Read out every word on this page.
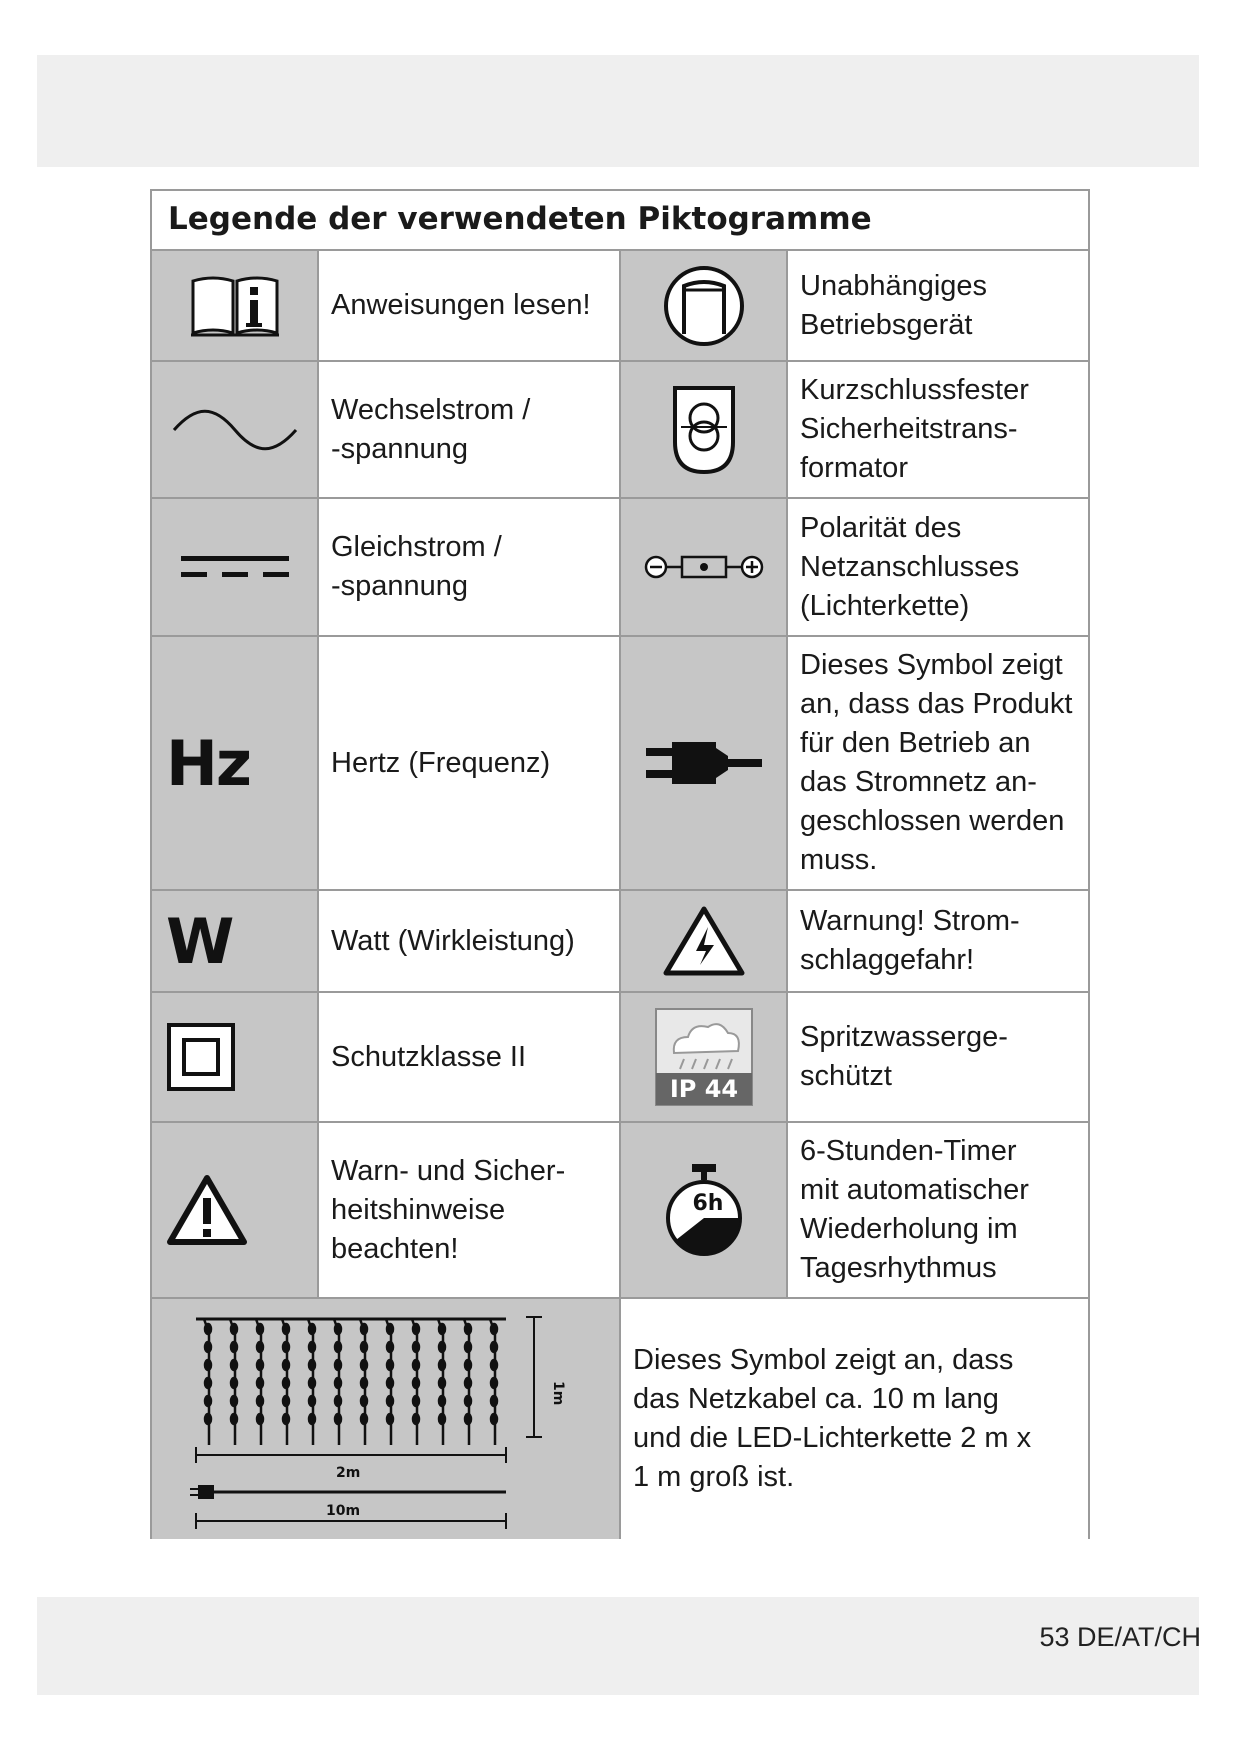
53 DE/AT/CH
Legende der verwendeten Piktogramme
Anweisungen lesen!
Unabhängiges
Betriebsgerät
Wechselstrom /
-spannung
Kurzschlussfester
Sicherheitstrans-
formator
Gleichstrom /
-spannung
Polarität des
Netzanschlusses
(Lichterkette)
Hz	Hertz (Frequenz)
Dieses Symbol zeigt
an, dass das Produkt
für den Betrieb an
das Stromnetz an-
geschlossen werden
muss.
W	Watt (Wirkleistung)
Warnung! Strom-
schlaggefahr!
Schutzklasse II
IP 44
Spritzwasserge-
schützt
Warn- und Sicher-
heitshinweise
beachten!
6h
6-Stunden-Timer
mit automatischer
Wiederholung im
Tagesrhythmus
1m
2m
10m
Dieses Symbol zeigt an, dass
das Netzkabel ca. 10 m lang
und die LED-Lichterkette 2 m x
1 m groß ist.
